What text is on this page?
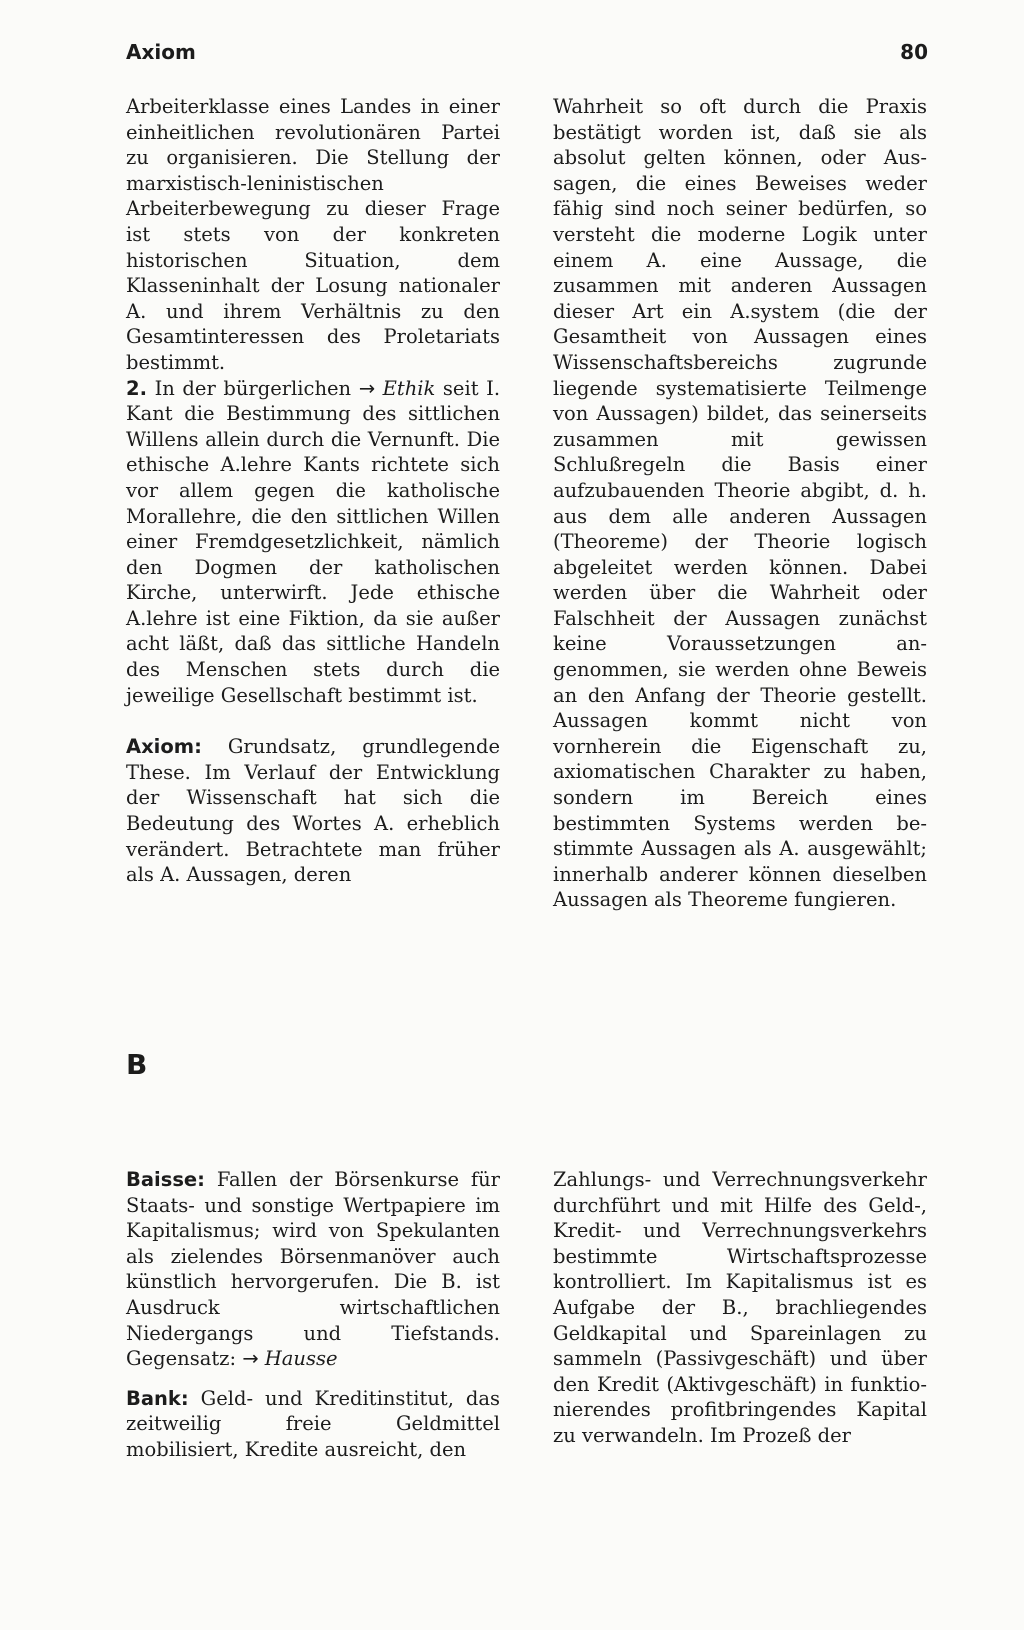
Axiom	80

Arbeiterklasse eines Landes in einer einheitlichen revolutionären Partei zu organisieren. Die Stellung der marxistisch-leninistischen Arbeiterbewegung zu dieser Frage ist stets von der konkreten historischen Situation, dem Klasseninhalt der Losung nationaler A. und ihrem Verhältnis zu den Gesamtinteressen des Proletariats bestimmt.

2. In der bürgerlichen → Ethik seit I. Kant die Bestimmung des sittlichen Willens allein durch die Vernunft. Die ethische A.lehre Kants richtete sich vor allem gegen die katholische Morallehre, die den sittlichen Willen einer Fremdgesetzlichkeit, nämlich den Dogmen der katholischen Kirche, unterwirft. Jede ethische A.lehre ist eine Fiktion, da sie außer acht läßt, daß das sittliche Handeln des Menschen stets durch die jeweilige Gesellschaft bestimmt ist.

Axiom: Grundsatz, grundlegende These. Im Verlauf der Entwicklung der Wissenschaft hat sich die Bedeutung des Wortes A. erheblich verändert. Betrachtete man früher als A. Aussagen, deren

Wahrheit so oft durch die Praxis bestätigt worden ist, daß sie als absolut gelten können, oder Aussagen, die eines Beweises weder fähig sind noch seiner bedürfen, so versteht die moderne Logik unter einem A. eine Aussage, die zusammen mit anderen Aussagen dieser Art ein A.system (die der Gesamtheit von Aussagen eines Wissenschaftsbereichs zugrunde liegende systematisierte Teilmenge von Aussagen) bildet, das seinerseits zusammen mit gewissen Schlußregeln die Basis einer aufzubauenden Theorie abgibt, d. h. aus dem alle anderen Aussagen (Theoreme) der Theorie logisch abgeleitet werden können. Dabei werden über die Wahrheit oder Falschheit der Aussagen zunächst keine Voraussetzungen angenommen, sie werden ohne Beweis an den Anfang der Theorie gestellt. Aussagen kommt nicht von vornherein die Eigenschaft zu, axiomatischen Charakter zu haben, sondern im Bereich eines bestimmten Systems werden bestimmte Aussagen als A. ausgewählt; innerhalb anderer können dieselben Aussagen als Theoreme fungieren.

B

Baisse: Fallen der Börsenkurse für Staats- und sonstige Wertpapiere im Kapitalismus; wird von Spekulanten als zielendes Börsenmanöver auch künstlich hervorgerufen. Die B. ist Ausdruck wirtschaftlichen Niedergangs und Tiefstands. Gegensatz: → Hausse

Bank: Geld- und Kreditinstitut, das zeitweilig freie Geldmittel mobilisiert, Kredite ausreicht, den

Zahlungs- und Verrechnungsverkehr durchführt und mit Hilfe des Geld-, Kredit- und Verrechnungsverkehrs bestimmte Wirtschaftsprozesse kontrolliert. Im Kapitalismus ist es Aufgabe der B., brachliegendes Geldkapital und Spareinlagen zu sammeln (Passivgeschäft) und über den Kredit (Aktivgeschäft) in funktionierendes profitbringendes Kapital zu verwandeln. Im Prozeß der
